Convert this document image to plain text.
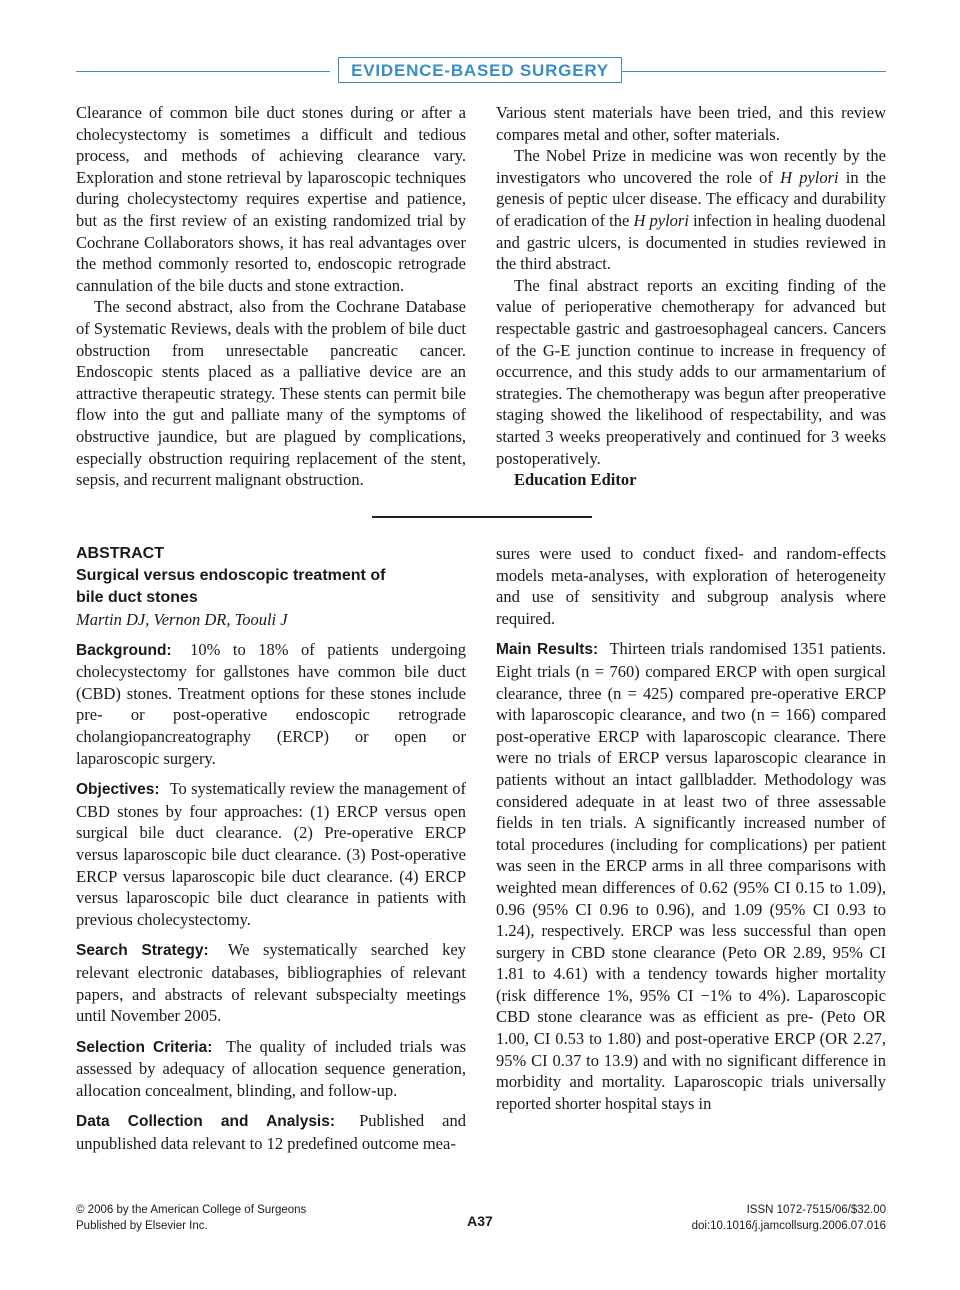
EVIDENCE-BASED SURGERY

Clearance of common bile duct stones during or after a cholecystectomy is sometimes a difficult and tedious process, and methods of achieving clearance vary. Exploration and stone retrieval by laparoscopic techniques during cholecystectomy requires expertise and patience, but as the first review of an existing randomized trial by Cochrane Collaborators shows, it has real advantages over the method commonly resorted to, endoscopic retrograde cannulation of the bile ducts and stone extraction.

The second abstract, also from the Cochrane Database of Systematic Reviews, deals with the problem of bile duct obstruction from unresectable pancreatic cancer. Endoscopic stents placed as a palliative device are an attractive therapeutic strategy. These stents can permit bile flow into the gut and palliate many of the symptoms of obstructive jaundice, but are plagued by complications, especially obstruction requiring replacement of the stent, sepsis, and recurrent malignant obstruction.

Various stent materials have been tried, and this review compares metal and other, softer materials.

The Nobel Prize in medicine was won recently by the investigators who uncovered the role of H pylori in the genesis of peptic ulcer disease. The efficacy and durability of eradication of the H pylori infection in healing duodenal and gastric ulcers, is documented in studies reviewed in the third abstract.

The final abstract reports an exciting finding of the value of perioperative chemotherapy for advanced but respectable gastric and gastroesophageal cancers. Cancers of the G-E junction continue to increase in frequency of occurrence, and this study adds to our armamentarium of strategies. The chemotherapy was begun after preoperative staging showed the likelihood of respectability, and was started 3 weeks preoperatively and continued for 3 weeks postoperatively.

Education Editor

ABSTRACT

Surgical versus endoscopic treatment of bile duct stones

Martin DJ, Vernon DR, Toouli J

Background: 10% to 18% of patients undergoing cholecystectomy for gallstones have common bile duct (CBD) stones. Treatment options for these stones include pre- or post-operative endoscopic retrograde cholangiopancreatography (ERCP) or open or laparoscopic surgery.

Objectives: To systematically review the management of CBD stones by four approaches: (1) ERCP versus open surgical bile duct clearance. (2) Pre-operative ERCP versus laparoscopic bile duct clearance. (3) Post-operative ERCP versus laparoscopic bile duct clearance. (4) ERCP versus laparoscopic bile duct clearance in patients with previous cholecystectomy.

Search Strategy: We systematically searched key relevant electronic databases, bibliographies of relevant papers, and abstracts of relevant subspecialty meetings until November 2005.

Selection Criteria: The quality of included trials was assessed by adequacy of allocation sequence generation, allocation concealment, blinding, and follow-up.

Data Collection and Analysis: Published and unpublished data relevant to 12 predefined outcome mea-

sures were used to conduct fixed- and random-effects models meta-analyses, with exploration of heterogeneity and use of sensitivity and subgroup analysis where required.

Main Results: Thirteen trials randomised 1351 patients. Eight trials (n = 760) compared ERCP with open surgical clearance, three (n = 425) compared pre-operative ERCP with laparoscopic clearance, and two (n = 166) compared post-operative ERCP with laparoscopic clearance. There were no trials of ERCP versus laparoscopic clearance in patients without an intact gallbladder. Methodology was considered adequate in at least two of three assessable fields in ten trials. A significantly increased number of total procedures (including for complications) per patient was seen in the ERCP arms in all three comparisons with weighted mean differences of 0.62 (95% CI 0.15 to 1.09), 0.96 (95% CI 0.96 to 0.96), and 1.09 (95% CI 0.93 to 1.24), respectively. ERCP was less successful than open surgery in CBD stone clearance (Peto OR 2.89, 95% CI 1.81 to 4.61) with a tendency towards higher mortality (risk difference 1%, 95% CI −1% to 4%). Laparoscopic CBD stone clearance was as efficient as pre- (Peto OR 1.00, CI 0.53 to 1.80) and post-operative ERCP (OR 2.27, 95% CI 0.37 to 13.9) and with no significant difference in morbidity and mortality. Laparoscopic trials universally reported shorter hospital stays in

© 2006 by the American College of Surgeons
Published by Elsevier Inc.	A37
ISSN 1072-7515/06/$32.00
doi:10.1016/j.jamcollsurg.2006.07.016
